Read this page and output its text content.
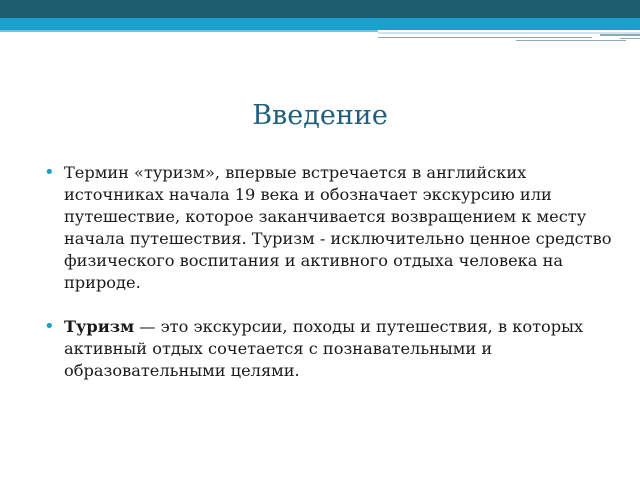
Введение
• Термин «туризм», впервые встречается в английских источниках начала 19 века и обозначает экскурсию или путешествие, которое заканчивается возвращением к месту начала путешествия. Туризм - исключительно ценное средство физического воспитания и активного отдыха человека на природе.
• Туризм — это экскурсии, походы и путешествия, в которых активный отдых сочетается с познавательными и образовательными целями.
